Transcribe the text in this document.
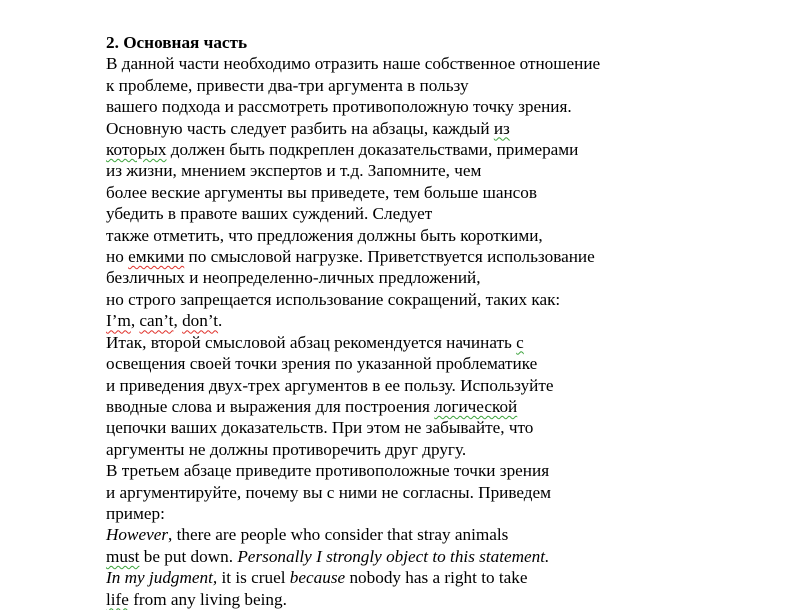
2. Основная часть
В данной части необходимо отразить наше собственное отношение
к проблеме, привести два-три аргумента в пользу
вашего подхода и рассмотреть противоположную точку зрения.
Основную часть следует разбить на абзацы, каждый из
которых должен быть подкреплен доказательствами, примерами
из жизни, мнением экспертов и т.д. Запомните, чем
более веские аргументы вы приведете, тем больше шансов
убедить в правоте ваших суждений. Следует
также отметить, что предложения должны быть короткими,
но емкими по смысловой нагрузке. Приветствуется использование
безличных и неопределенно-личных предложений,
но строго запрещается использование сокращений, таких как:
I’m, can’t, don’t.
Итак, второй смысловой абзац рекомендуется начинать с
освещения своей точки зрения по указанной проблематике
и приведения двух-трех аргументов в ее пользу. Используйте
вводные слова и выражения для построения логической
цепочки ваших доказательств. При этом не забывайте, что
аргументы не должны противоречить друг другу.
В третьем абзаце приведите противоположные точки зрения
и аргументируйте, почему вы с ними не согласны. Приведем
пример:
However, there are people who consider that stray animals
must be put down. Personally I strongly object to this statement.
In my judgment, it is cruel because nobody has a right to take
life from any living being.
